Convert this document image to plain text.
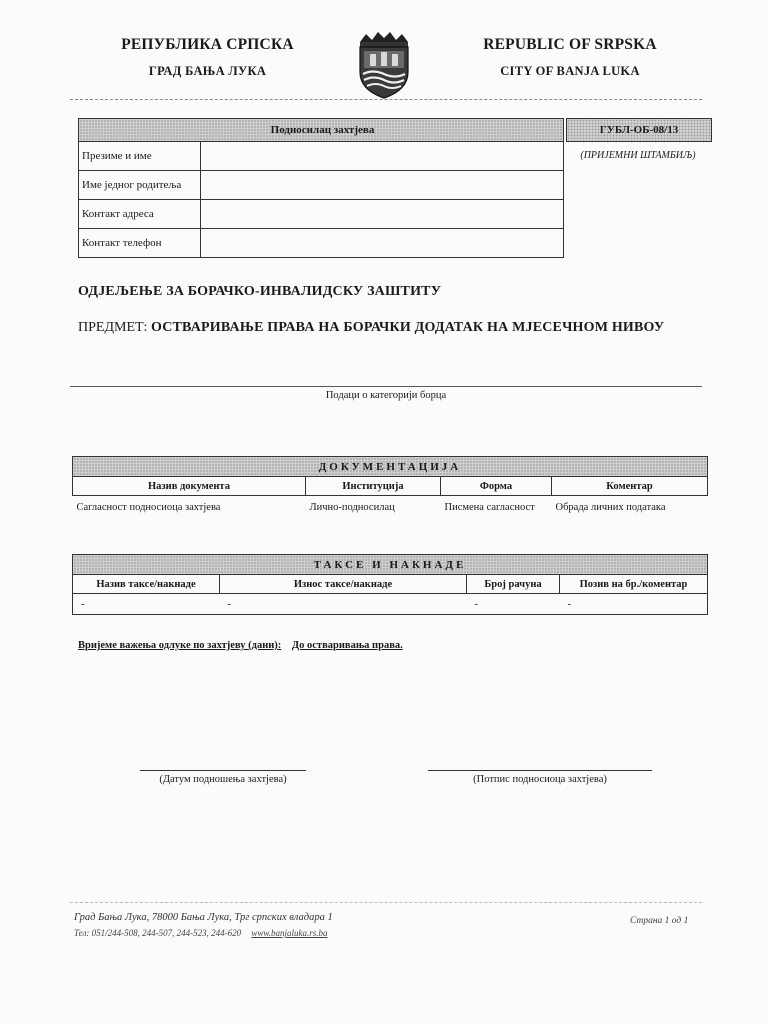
РЕПУБЛИКА СРПСКА
ГРАД БАЊА ЛУКА
REPUBLIC OF SRPSKA
CITY OF BANJA LUKA
Подносилац захтјева	
Презиме и име	
Име једног родитеља	
Контакт адреса	
Контакт телефон	
ГУБЛ-ОБ-08/13
(ПРИЈЕМНИ ШТАМБИЉ)
ОДЈЕЉЕЊЕ ЗА БОРАЧКО-ИНВАЛИДСКУ ЗАШТИТУ
ПРЕДМЕТ: ОСТВАРИВАЊЕ ПРАВА НА БОРАЧКИ ДОДАТАК НА МЈЕСЕЧНОМ НИВОУ
Подаци о категорији борца
ДОКУМЕНТАЦИЈА			
Назив документа	Институција	Форма	Коментар
Сагласност подносиоца захтјева	Лично-подносилац	Писмена сагласност	Обрада личних података
ТАКСЕ И НАКНАДЕ			
Назив таксе/накнаде	Износ таксе/накнаде	Број рачуна	Позив на бр./коментар
-	-	-	-
Вријеме важења одлуке по захтјеву (дани): До остваривања права.
(Датум подношења захтјева)	(Потпис подносиоца захтјева)
Град Бања Лука, 78000 Бања Лука, Трг српских владара 1
Тел: 051/244-508, 244-507, 244-523, 244-620 www.banjaluka.rs.ba
Страна 1 од 1
